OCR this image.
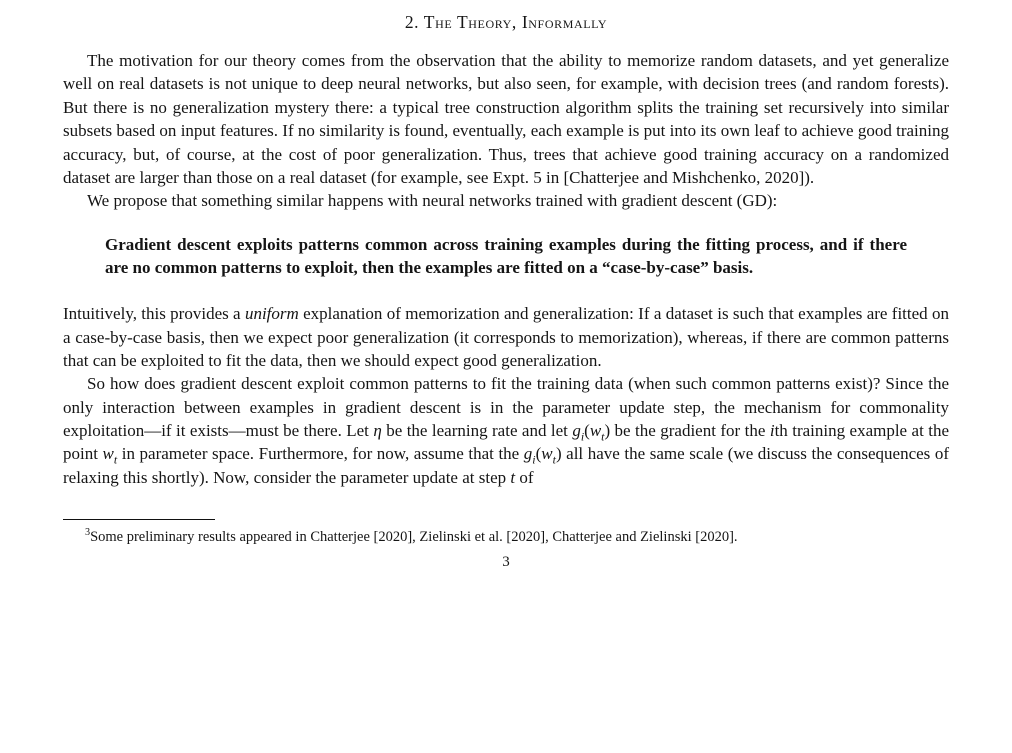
2. The Theory, Informally

The motivation for our theory comes from the observation that the ability to memorize random datasets, and yet generalize well on real datasets is not unique to deep neural networks, but also seen, for example, with decision trees (and random forests). But there is no generalization mystery there: a typical tree construction algorithm splits the training set recursively into similar subsets based on input features. If no similarity is found, eventually, each example is put into its own leaf to achieve good training accuracy, but, of course, at the cost of poor generalization. Thus, trees that achieve good training accuracy on a randomized dataset are larger than those on a real dataset (for example, see Expt. 5 in [Chatterjee and Mishchenko, 2020]).

We propose that something similar happens with neural networks trained with gradient descent (GD):

Gradient descent exploits patterns common across training examples during the fitting process, and if there are no common patterns to exploit, then the examples are fitted on a “case-by-case” basis.

Intuitively, this provides a uniform explanation of memorization and generalization: If a dataset is such that examples are fitted on a case-by-case basis, then we expect poor generalization (it corresponds to memorization), whereas, if there are common patterns that can be exploited to fit the data, then we should expect good generalization.

So how does gradient descent exploit common patterns to fit the training data (when such common patterns exist)? Since the only interaction between examples in gradient descent is in the parameter update step, the mechanism for commonality exploitation—if it exists—must be there. Let η be the learning rate and let $g_i(w_t)$ be the gradient for the ith training example at the point $w_t$ in parameter space. Furthermore, for now, assume that the $g_i(w_t)$ all have the same scale (we discuss the consequences of relaxing this shortly). Now, consider the parameter update at step t of

$^3$Some preliminary results appeared in Chatterjee [2020], Zielinski et al. [2020], Chatterjee and Zielinski [2020].
3
